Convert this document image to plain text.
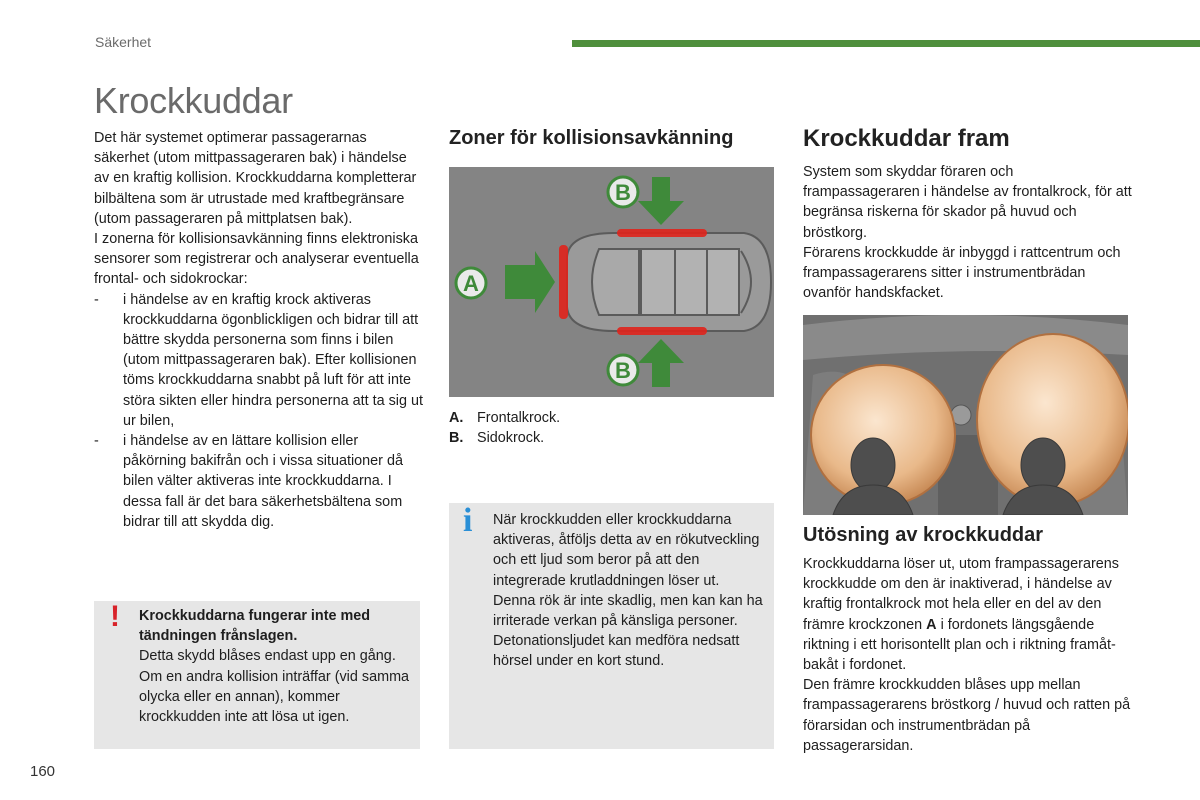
Säkerhet
Krockkuddar

Det här systemet optimerar passagerarnas säkerhet (utom mittpassageraren bak) i händelse av en kraftig kollision. Krockkuddarna kompletterar bilbältena som är utrustade med kraftbegränsare (utom passageraren på mittplatsen bak).

I zonerna för kollisionsavkänning finns elektroniska sensorer som registrerar och analyserar eventuella frontal- och sidokrockar:

- i händelse av en kraftig krock aktiveras krockkuddarna ögonblickligen och bidrar till att bättre skydda personerna som finns i bilen (utom mittpassageraren bak). Efter kollisionen töms krockkuddarna snabbt på luft för att inte störa sikten eller hindra personerna att ta sig ut ur bilen,

- i händelse av en lättare kollision eller påkörning bakifrån och i vissa situationer då bilen välter aktiveras inte krockkuddarna. I dessa fall är det bara säkerhetsbältena som bidrar till att skydda dig.

! Krockkuddarna fungerar inte med tändningen frånslagen.
Detta skydd blåses endast upp en gång. Om en andra kollision inträffar (vid samma olycka eller en annan), kommer krockkudden inte att lösa ut igen.
Zoner för kollisionsavkänning
A
B
B
A. Frontalkrock.
B. Sidokrock.
i När krockkudden eller krockkuddarna aktiveras, åtföljs detta av en rökutveckling och ett ljud som beror på att den integrerade krutladdningen löser ut.

Denna rök är inte skadlig, men kan kan ha irriterade verkan på känsliga personer.

Detonationsljudet kan medföra nedsatt hörsel under en kort stund.

Krockkuddar fram

System som skyddar föraren och frampassageraren i händelse av frontalkrock, för att begränsa riskerna för skador på huvud och bröstkorg.

Förarens krockkudde är inbyggd i rattcentrum och frampassagerarens sitter i instrumentbrädan ovanför handskfacket.

Utösning av krockkuddar

Krockkuddarna löser ut, utom frampassagerarens krockkudde om den är inaktiverad, i händelse av kraftig frontalkrock mot hela eller en del av den främre krockzonen A i fordonets längsgående riktning i ett horisontellt plan och i riktning framåt-bakåt i fordonet.

Den främre krockkudden blåses upp mellan frampassagerarens bröstkorg / huvud och ratten på förarsidan och instrumentbrädan på passagerarsidan.

160
